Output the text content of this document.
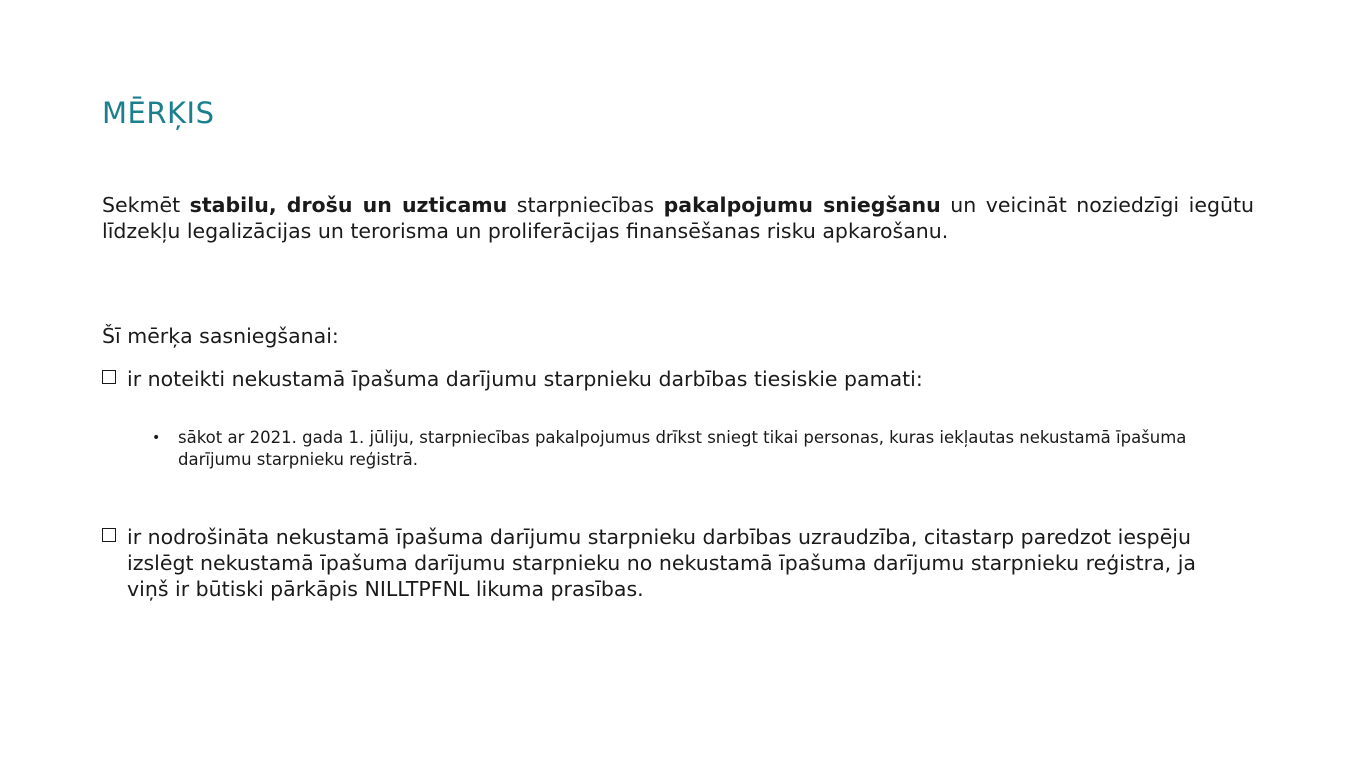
MĒRĶIS

Sekmēt stabilu, drošu un uzticamu starpniecības pakalpojumu sniegšanu un veicināt noziedzīgi iegūtu līdzekļu legalizācijas un terorisma un proliferācijas finansēšanas risku apkarošanu.

Šī mērķa sasniegšanai:

ir noteikti nekustamā īpašuma darījumu starpnieku darbības tiesiskie pamati:
•	sākot ar 2021. gada 1. jūliju, starpniecības pakalpojumus drīkst sniegt tikai personas, kuras iekļautas nekustamā īpašuma darījumu starpnieku reģistrā.
ir nodrošināta nekustamā īpašuma darījumu starpnieku darbības uzraudzība, citastarp paredzot iespēju izslēgt nekustamā īpašuma darījumu starpnieku no nekustamā īpašuma darījumu starpnieku reģistra, ja viņš ir būtiski pārkāpis NILLTPFNL likuma prasības.
